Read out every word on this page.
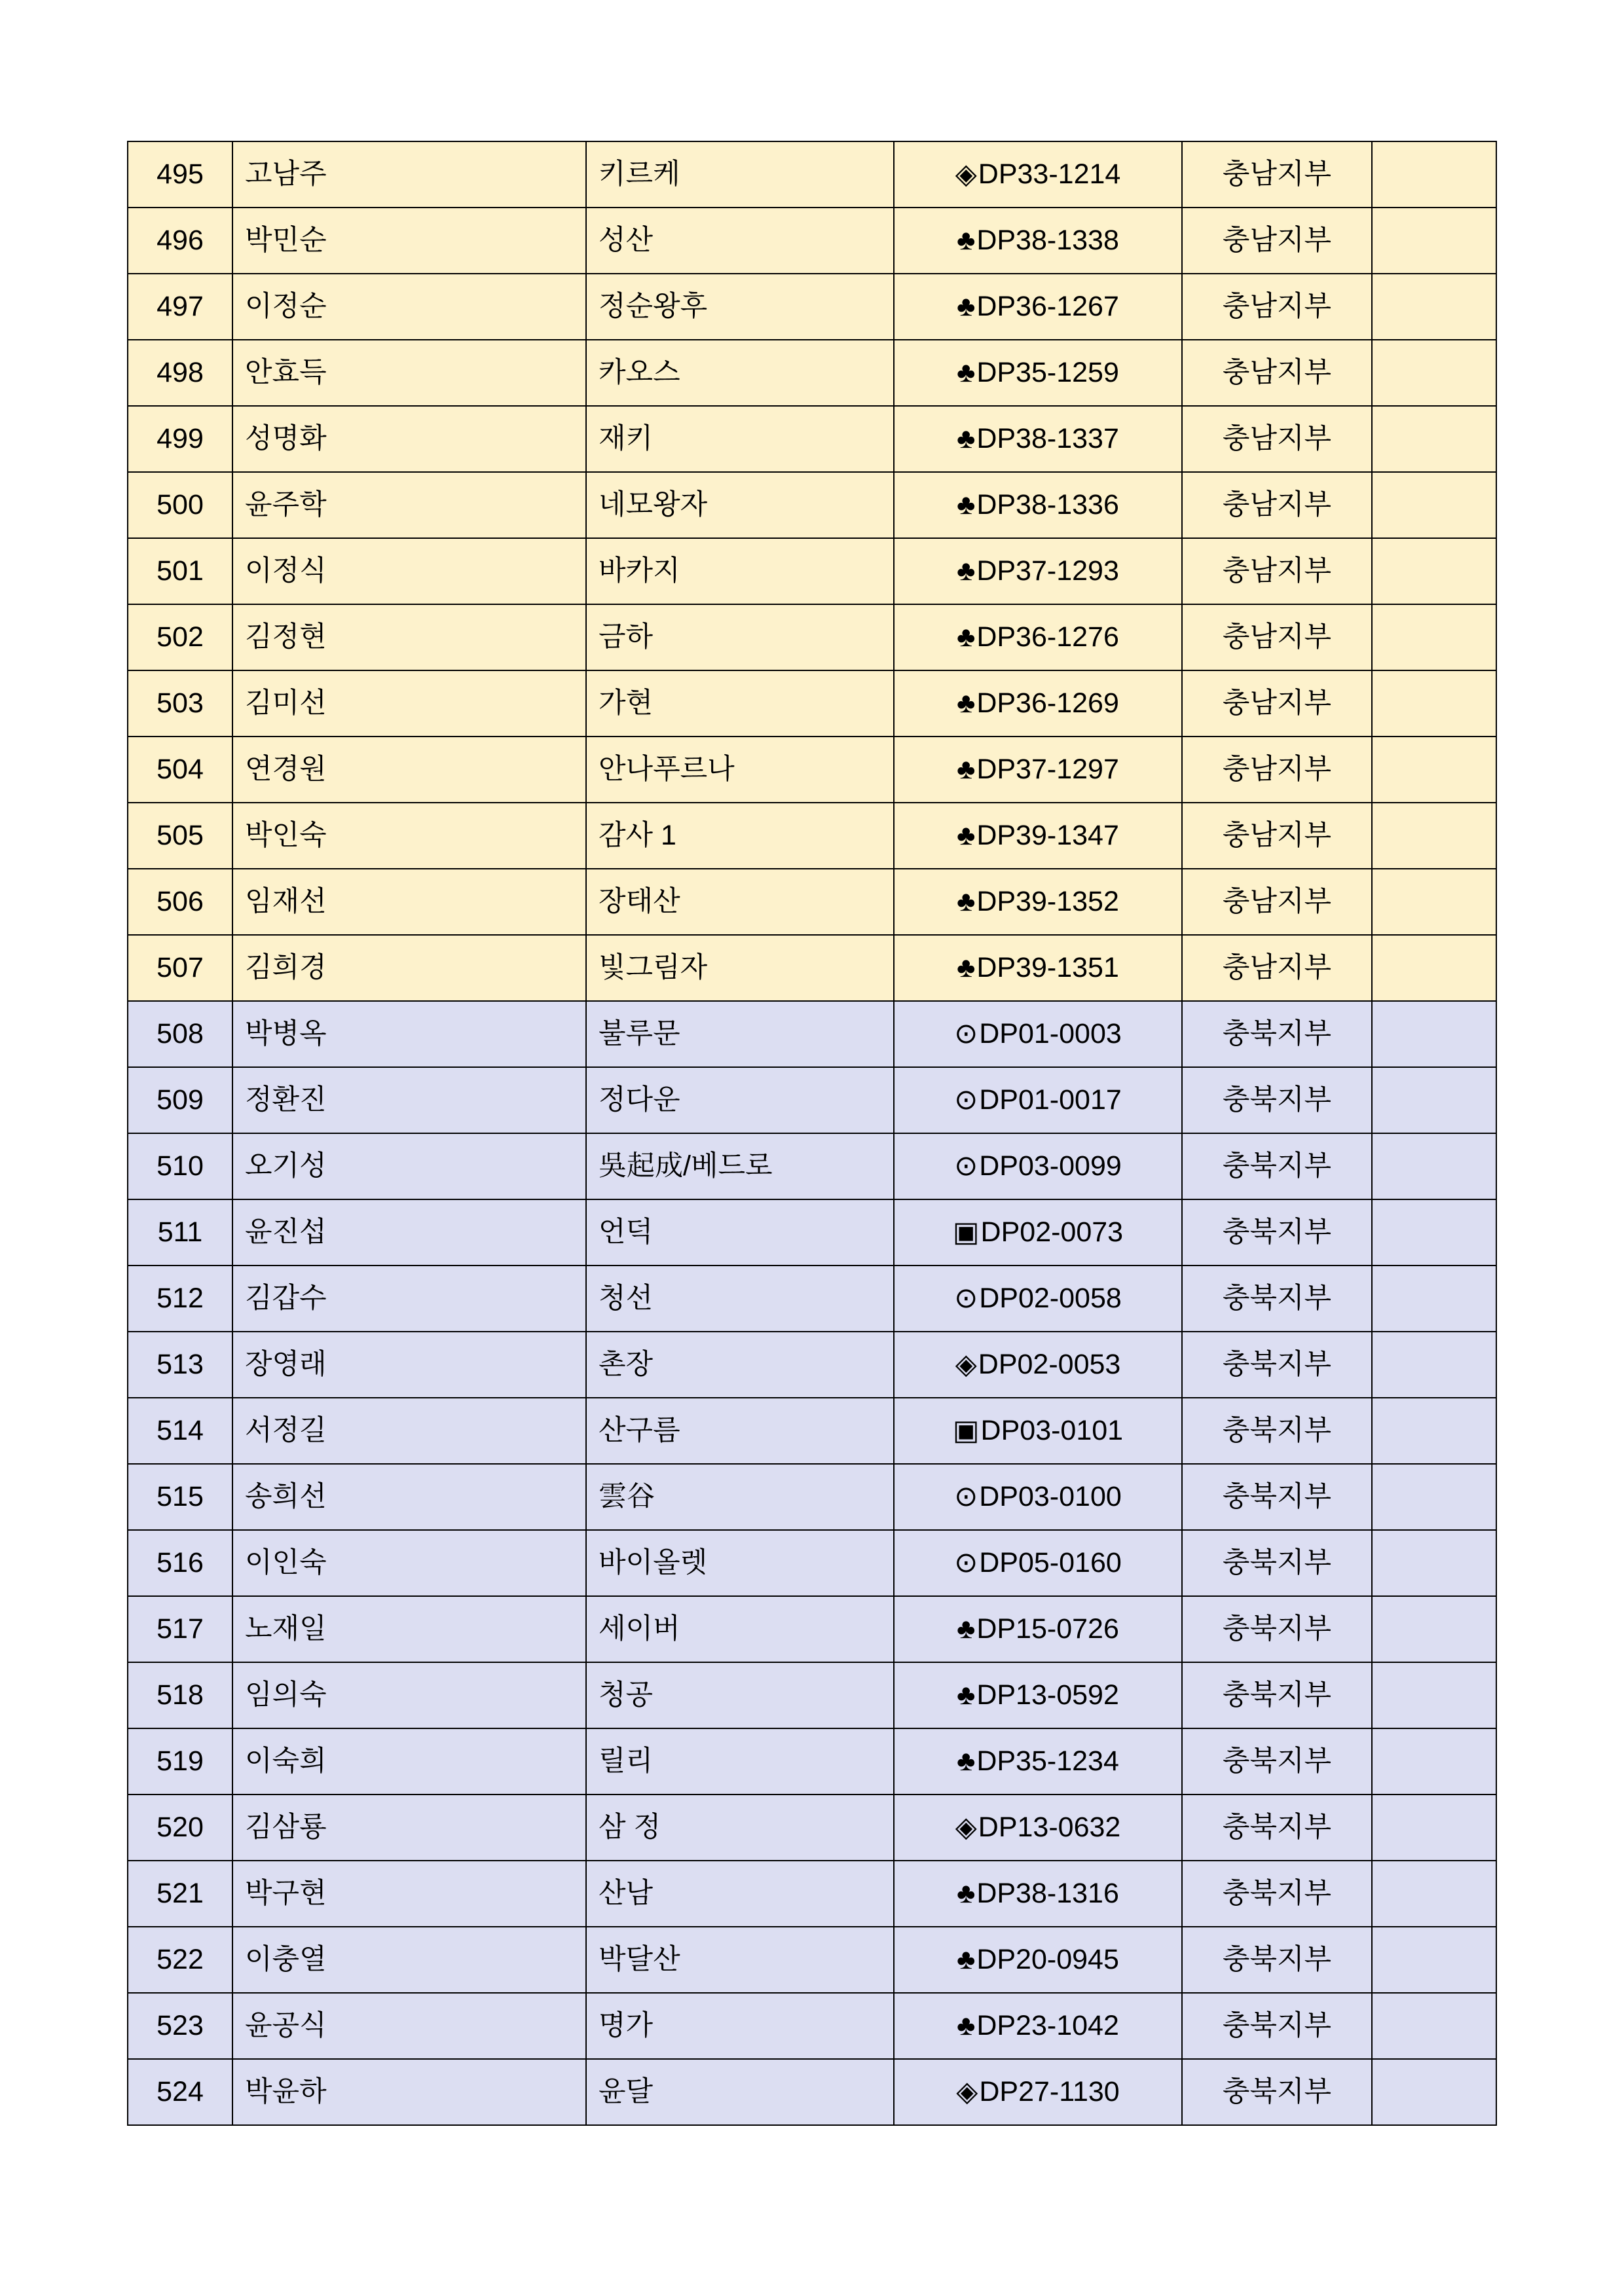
495	고남주	키르케	◈DP33-1214	충남지부	
496	박민순	성산	♣DP38-1338	충남지부	
497	이정순	정순왕후	♣DP36-1267	충남지부	
498	안효득	카오스	♣DP35-1259	충남지부	
499	성명화	재키	♣DP38-1337	충남지부	
500	윤주학	네모왕자	♣DP38-1336	충남지부	
501	이정식	바카지	♣DP37-1293	충남지부	
502	김정현	금하	♣DP36-1276	충남지부	
503	김미선	가현	♣DP36-1269	충남지부	
504	연경원	안나푸르나	♣DP37-1297	충남지부	
505	박인숙	감사 1	♣DP39-1347	충남지부	
506	임재선	장태산	♣DP39-1352	충남지부	
507	김희경	빛그림자	♣DP39-1351	충남지부	
508	박병옥	불루문	⊙DP01-0003	충북지부	
509	정환진	정다운	⊙DP01-0017	충북지부	
510	오기성	吳起成/베드로	⊙DP03-0099	충북지부	
511	윤진섭	언덕	▣DP02-0073	충북지부	
512	김갑수	청선	⊙DP02-0058	충북지부	
513	장영래	촌장	◈DP02-0053	충북지부	
514	서정길	산구름	▣DP03-0101	충북지부	
515	송희선	雲谷	⊙DP03-0100	충북지부	
516	이인숙	바이올렛	⊙DP05-0160	충북지부	
517	노재일	세이버	♣DP15-0726	충북지부	
518	임의숙	청공	♣DP13-0592	충북지부	
519	이숙희	릴리	♣DP35-1234	충북지부	
520	김삼룡	삼 정	◈DP13-0632	충북지부	
521	박구현	산남	♣DP38-1316	충북지부	
522	이충열	박달산	♣DP20-0945	충북지부	
523	윤공식	명가	♣DP23-1042	충북지부	
524	박윤하	윤달	◈DP27-1130	충북지부	
